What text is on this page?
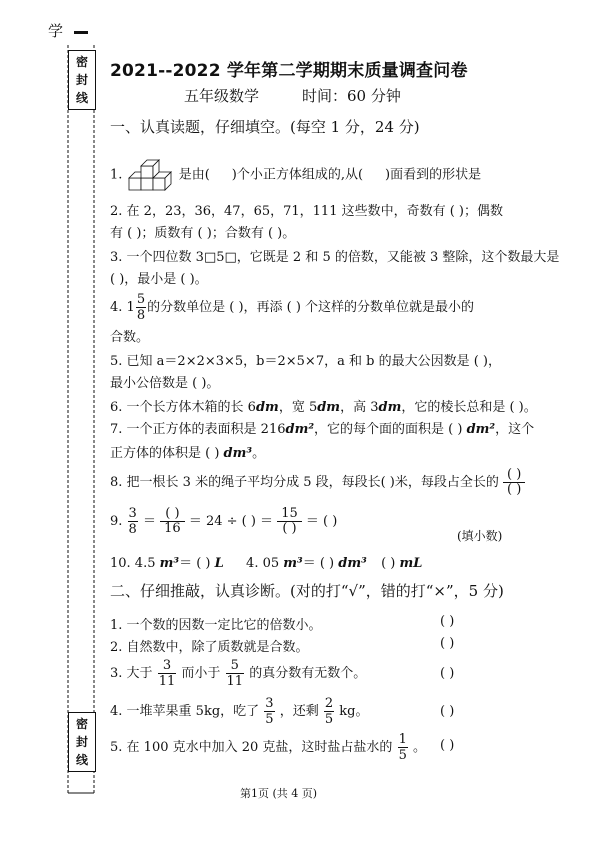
学
密
封
线
密
封
线
2021--2022 学年第二学期期末质量调查问卷
五年级数学	时间：60 分钟
一、认真读题，仔细填空。(每空 1 分，24 分)
1.	是由( )个小正方体组成的,从( )面看到的形状是
2. 在 2，23，36，47，65，71，111 这些数中，奇数有 ( )；偶数
有 ( )；质数有 ( )；合数有 ( )。
3. 一个四位数 3□5□，它既是 2 和 5 的倍数，又能被 3 整除，这个数最大是
( )，最小是 ( )。
4. $1 \frac{5}{8}$ 的分数单位是 ( )，再添 ( ) 个这样的分数单位就是最小的
合数。
5. 已知 a＝2×2×3×5，b＝2×5×7，a 和 b 的最大公因数是 ( )，
最小公倍数是 ( )。
6. 一个长方体木箱的长 6dm，宽 5dm，高 3dm，它的棱长总和是 ( )。
7. 一个正方体的表面积是 216dm²，它的每个面的面积是 ( ) dm²，这个
正方体的体积是 ( ) dm³。
8. 把一根长 3 米的绳子平均分成 5 段，每段长( )米，每段占全长的 $\frac{( )}{( )}$
9. $\frac{3}{8} = \frac{( )}{16} = 24$ ÷ ( ) ＝ $\frac{15}{( )}$ ＝ ( )
(填小数)
10. 4.5 m³＝ ( ) L 4. 05 m³＝ ( ) dm³ ( ) mL
二、仔细推敲，认真诊断。(对的打“√”，错的打“×”，5 分)
1. 一个数的因数一定比它的倍数小。	( )
2. 自然数中，除了质数就是合数。	( )
3. 大于 $\frac{3}{11}$ 而小于 $\frac{5}{11}$ 的真分数有无数个。	( )
4. 一堆苹果重 5kg，吃了 $\frac{3}{5}$ ，还剩 $\frac{2}{5}$ kg。	( )
5. 在 100 克水中加入 20 克盐，这时盐占盐水的 $\frac{1}{5}$ 。 ( )
第1页 (共 4 页)
